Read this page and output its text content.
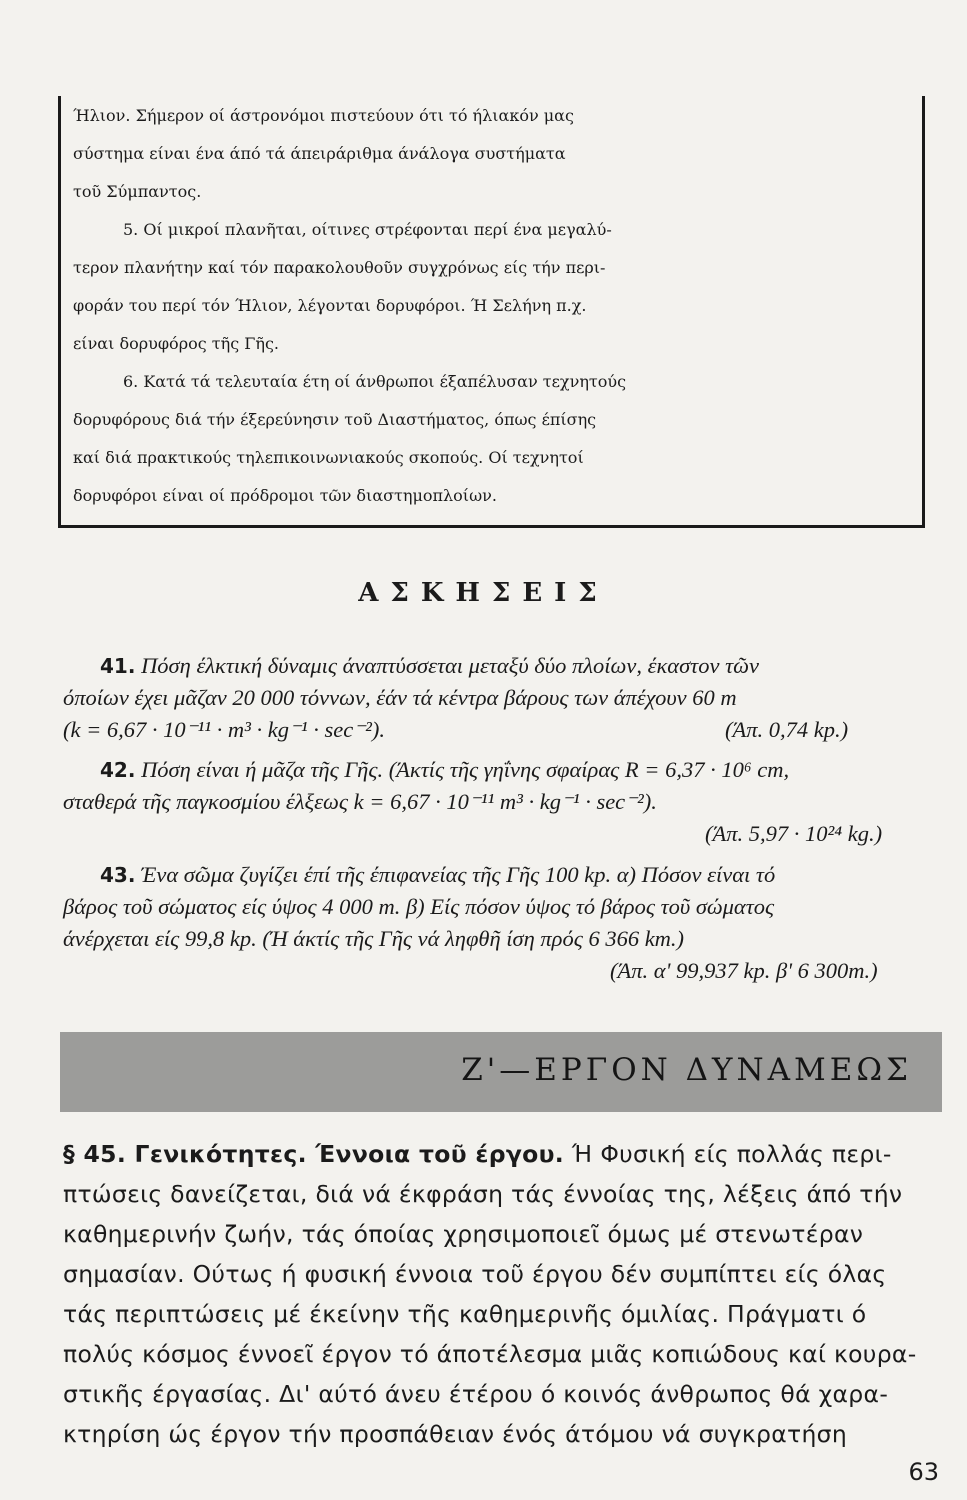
Ήλιον. Σήμερον οί άστρονόμοι πιστεύουν ότι τό ήλιακόν μας
σύστημα είναι ένα άπό τά άπειράριθμα άνάλογα συστήματα
τοῦ Σύμπαντος.
5. Οί μικροί πλανῆται, οίτινες στρέφονται περί ένα μεγαλύ-
τερον πλανήτην καί τόν παρακολουθοῦν συγχρόνως είς τήν περι-
φοράν του περί τόν Ήλιον, λέγονται δορυφόροι. Ή Σελήνη π.χ.
είναι δορυφόρος τῆς Γῆς.
6. Κατά τά τελευταία έτη οί άνθρωποι έξαπέλυσαν τεχνητούς
δορυφόρους διά τήν έξερεύνησιν τοῦ Διαστήματος, όπως έπίσης
καί διά πρακτικούς τηλεπικοινωνιακούς σκοπούς. Οί τεχνητοί
δορυφόροι είναι οί πρόδρομοι τῶν διαστημοπλοίων.
ΑΣΚΗΣΕΙΣ
41. Πόση έλκτική δύναμις άναπτύσσεται μεταξύ δύο πλοίων, έκαστον τῶν
όποίων έχει μᾶζαν 20 000 τόννων, έάν τά κέντρα βάρους των άπέχουν 60 m
(k = 6,67 · 10⁻¹¹ · m³ · kg⁻¹ · sec⁻²).	(Άπ. 0,74 kp.)
42. Πόση είναι ή μᾶζα τῆς Γῆς. (Άκτίς τῆς γηΐνης σφαίρας R = 6,37 · 10⁶ cm,
σταθερά τῆς παγκοσμίου έλξεως k = 6,67 · 10⁻¹¹ m³ · kg⁻¹ · sec⁻²).
(Άπ. 5,97 · 10²⁴ kg.)
43. Ένα σῶμα ζυγίζει έπί τῆς έπιφανείας τῆς Γῆς 100 kp. α) Πόσον είναι τό
βάρος τοῦ σώματος είς ύψος 4 000 m. β) Είς πόσον ύψος τό βάρος τοῦ σώματος
άνέρχεται είς 99,8 kp. (Ή άκτίς τῆς Γῆς νά ληφθῆ ίση πρός 6 366 km.)
(Άπ. α' 99,937 kp. β' 6 300m.)
Ζ'—ΕΡΓΟΝ ΔΥΝΑΜΕΩΣ
§ 45. Γενικότητες. Έννοια τοῦ έργου. Ή Φυσική είς πολλάς περι-
πτώσεις δανείζεται, διά νά έκφράση τάς έννοίας της, λέξεις άπό τήν
καθημερινήν ζωήν, τάς όποίας χρησιμοποιεῖ όμως μέ στενωτέραν
σημασίαν. Ούτως ή φυσική έννοια τοῦ έργου δέν συμπίπτει είς όλας
τάς περιπτώσεις μέ έκείνην τῆς καθημερινῆς όμιλίας. Πράγματι ό
πολύς κόσμος έννοεῖ έργον τό άποτέλεσμα μιᾶς κοπιώδους καί κουρα-
στικῆς έργασίας. Δι' αύτό άνευ έτέρου ό κοινός άνθρωπος θά χαρα-
κτηρίση ώς έργον τήν προσπάθειαν ένός άτόμου νά συγκρατήση
63
